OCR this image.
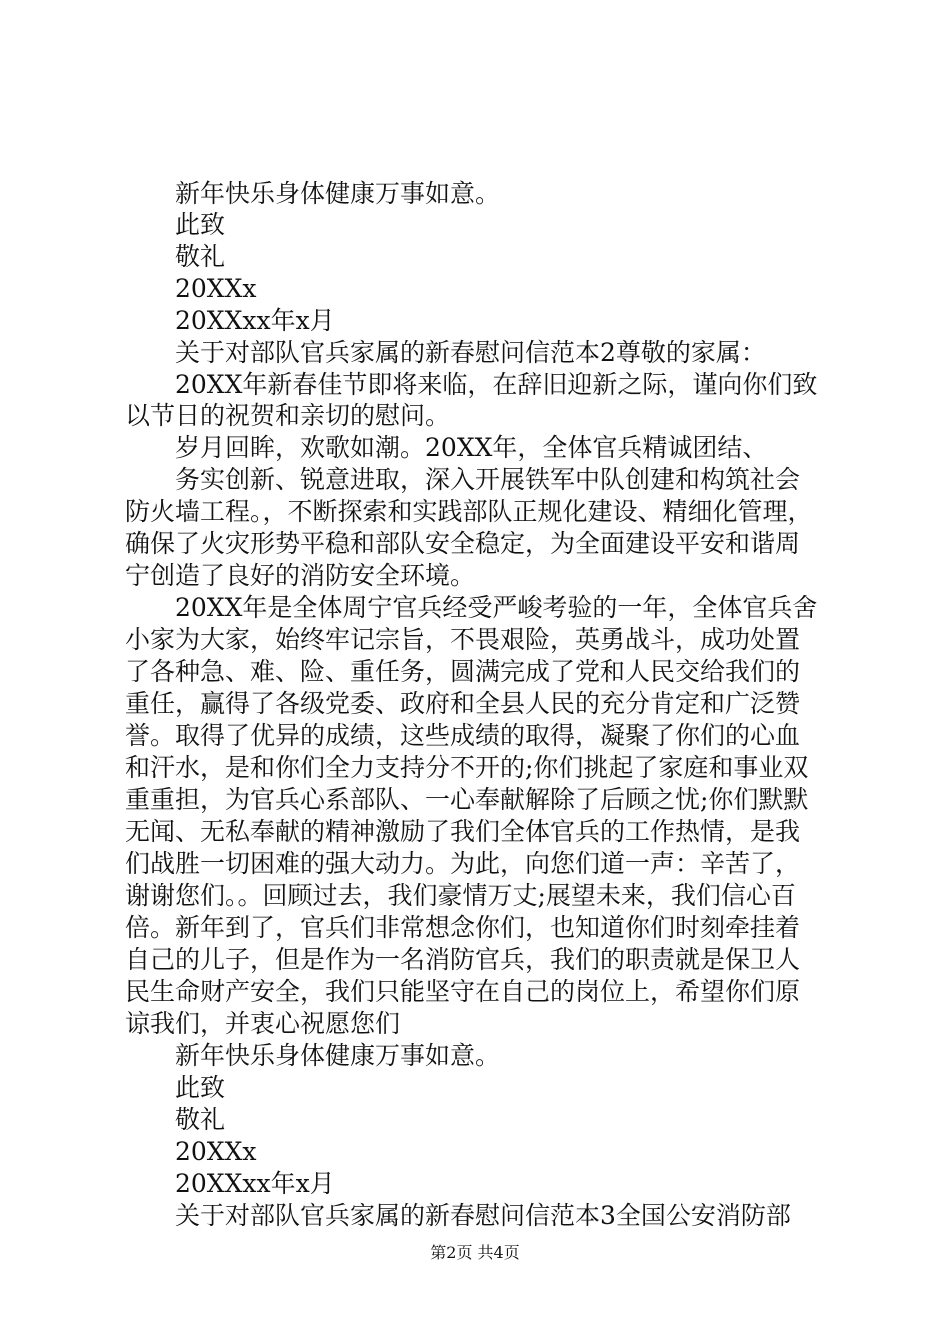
　　新年快乐身体健康万事如意。
　　此致
　　敬礼
　　20XXx
　　20XXxx年x月
　　关于对部队官兵家属的新春慰问信范本2尊敬的家属：
　　20XX年新春佳节即将来临，在辞旧迎新之际，谨向你们致
以节日的祝贺和亲切的慰问。
　　岁月回眸，欢歌如潮。20XX年，全体官兵精诚团结、
　　务实创新、锐意进取，深入开展铁军中队创建和构筑社会
防火墙工程。，不断探索和实践部队正规化建设、精细化管理，
确保了火灾形势平稳和部队安全稳定，为全面建设平安和谐周
宁创造了良好的消防安全环境。
　　20XX年是全体周宁官兵经受严峻考验的一年，全体官兵舍
小家为大家，始终牢记宗旨，不畏艰险，英勇战斗，成功处置
了各种急、难、险、重任务，圆满完成了党和人民交给我们的
重任，赢得了各级党委、政府和全县人民的充分肯定和广泛赞
誉。取得了优异的成绩，这些成绩的取得，凝聚了你们的心血
和汗水，是和你们全力支持分不开的;你们挑起了家庭和事业双
重重担，为官兵心系部队、一心奉献解除了后顾之忧;你们默默
无闻、无私奉献的精神激励了我们全体官兵的工作热情，是我
们战胜一切困难的强大动力。为此，向您们道一声：辛苦了，
谢谢您们。。回顾过去，我们豪情万丈;展望未来，我们信心百
倍。新年到了，官兵们非常想念你们，也知道你们时刻牵挂着
自己的儿子，但是作为一名消防官兵，我们的职责就是保卫人
民生命财产安全，我们只能坚守在自己的岗位上，希望你们原
谅我们，并衷心祝愿您们
　　新年快乐身体健康万事如意。
　　此致
　　敬礼
　　20XXx
　　20XXxx年x月
　　关于对部队官兵家属的新春慰问信范本3全国公安消防部
第2页 共4页
